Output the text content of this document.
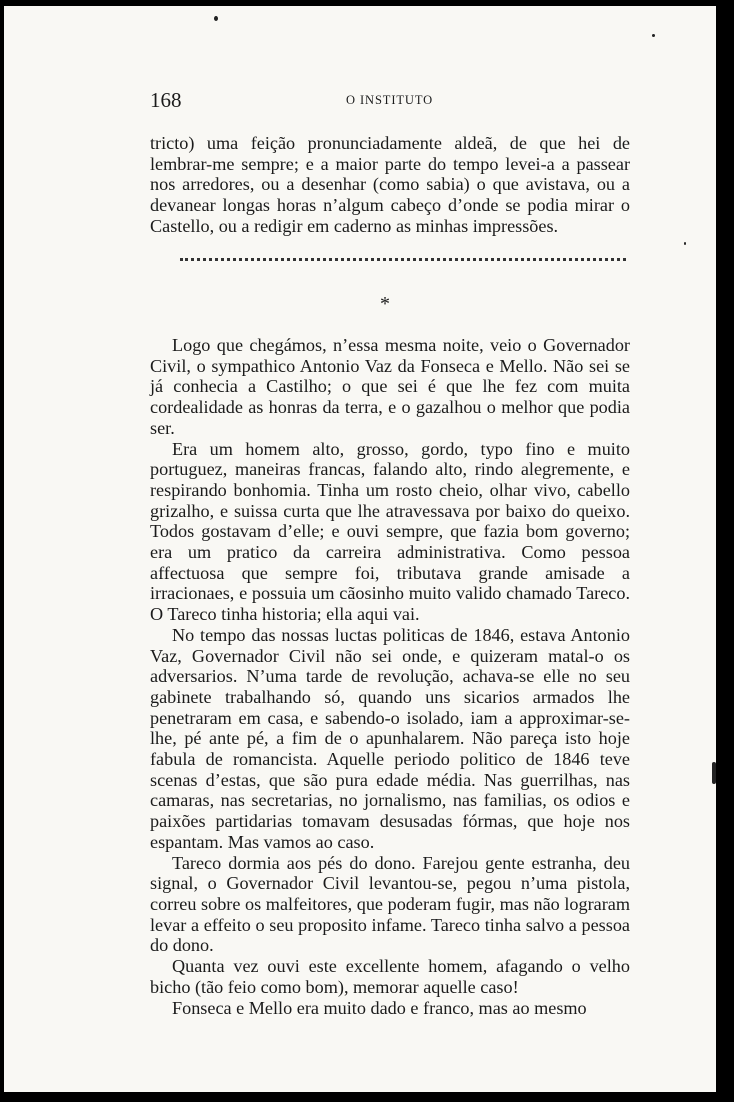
168	O INSTITUTO

tricto) uma feição pronunciadamente aldeã, de que hei de lembrar-me sempre; e a maior parte do tempo levei-a a passear nos arredores, ou a desenhar (como sabia) o que avistava, ou a devanear longas horas n’algum cabeço d’onde se podia mirar o Castello, ou a redigir em caderno as minhas impressões.

*

Logo que chegámos, n’essa mesma noite, veio o Governador Civil, o sympathico Antonio Vaz da Fonseca e Mello. Não sei se já conhecia a Castilho; o que sei é que lhe fez com muita cordealidade as honras da terra, e o gazalhou o melhor que podia ser.

Era um homem alto, grosso, gordo, typo fino e muito portuguez, maneiras francas, falando alto, rindo alegremente, e respirando bonhomia. Tinha um rosto cheio, olhar vivo, cabello grizalho, e suissa curta que lhe atravessava por baixo do queixo. Todos gostavam d’elle; e ouvi sempre, que fazia bom governo; era um pratico da carreira administrativa. Como pessoa affectuosa que sempre foi, tributava grande amisade a irracionaes, e possuia um cãosinho muito valido chamado Tareco. O Tareco tinha historia; ella aqui vai.

No tempo das nossas luctas politicas de 1846, estava Antonio Vaz, Governador Civil não sei onde, e quizeram matal-o os adversarios. N’uma tarde de revolução, achava-se elle no seu gabinete trabalhando só, quando uns sicarios armados lhe penetraram em casa, e sabendo-o isolado, iam a approximar-se-lhe, pé ante pé, a fim de o apunhalarem. Não pareça isto hoje fabula de romancista. Aquelle periodo politico de 1846 teve scenas d’estas, que são pura edade média. Nas guerrilhas, nas camaras, nas secretarias, no jornalismo, nas familias, os odios e paixões partidarias tomavam desusadas fórmas, que hoje nos espantam. Mas vamos ao caso.

Tareco dormia aos pés do dono. Farejou gente estranha, deu signal, o Governador Civil levantou-se, pegou n’uma pistola, correu sobre os malfeitores, que poderam fugir, mas não lograram levar a effeito o seu proposito infame. Tareco tinha salvo a pessoa do dono.

Quanta vez ouvi este excellente homem, afagando o velho bicho (tão feio como bom), memorar aquelle caso!

Fonseca e Mello era muito dado e franco, mas ao mesmo
